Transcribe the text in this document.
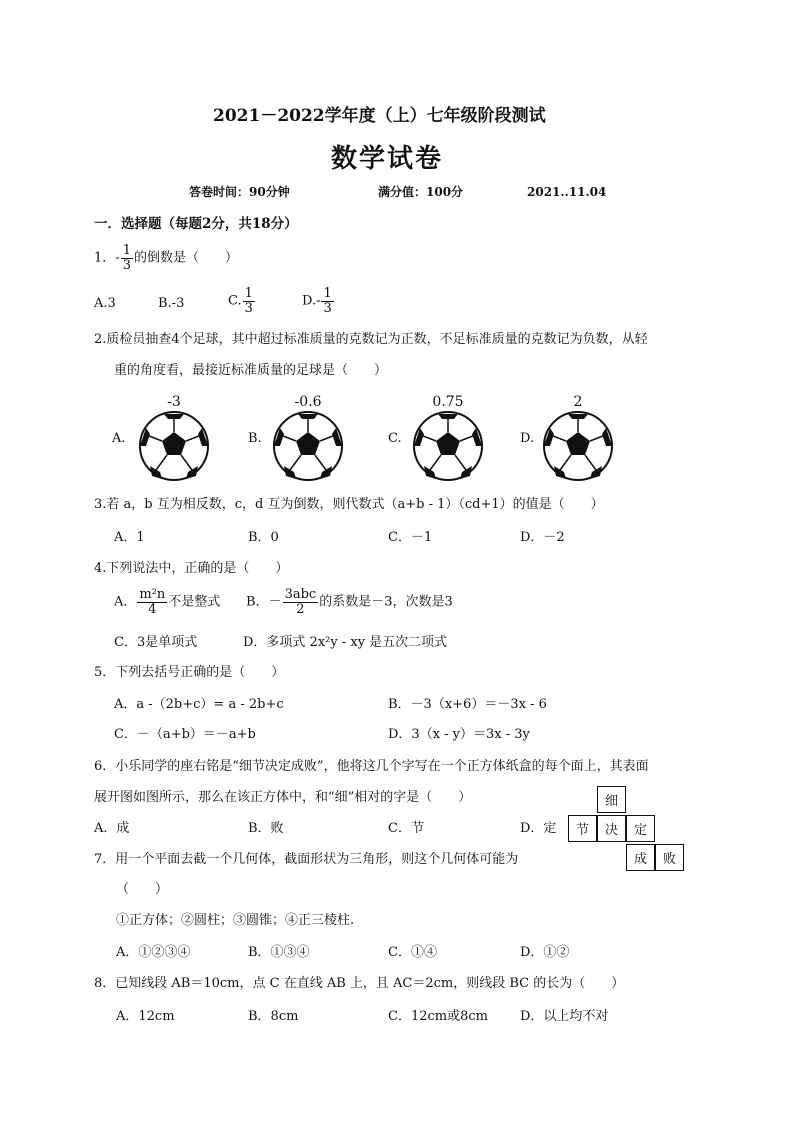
2021－2022学年度（上）七年级阶段测试
数学试卷
答卷时间：90分钟	满分值：100分	2021..11.04
一．选择题（每题2分，共18分）
1．- $\frac{1}{3}$ 的倒数是（　　）
A.3	B.-3	C. $\frac{1}{3}$	$D.- \frac{1}{3}$
2.质检员抽查4个足球，其中超过标准质量的克数记为正数，不足标准质量的克数记为负数，从轻
重的角度看，最接近标准质量的足球是（　　）
A.
-3
B.
-0.6
C.
0.75
D.
2
3.若 a，b 互为相反数，c，d 互为倒数，则代数式（a+b - 1）（cd+1）的值是（　　）
A．1	B．0	C．－1	D．－2
4.下列说法中，正确的是（　　）
A． $\frac{\text{m²n}}{4}$ 不是整式 B．－ $\frac{\text{3abc}}{2}$ 的系数是－3，次数是3
C．3是单项式	D．多项式 2x²y - xy 是五次二项式
5．下列去括号正确的是（　　）
A．a -（2b+c）= a - 2b+c	B．－3（x+6）＝－3x - 6
C．－（a+b）＝－a+b	D．3（x - y）＝3x - 3y
6．小乐同学的座右铭是“细节决定成败”，他将这几个字写在一个正方体纸盒的每个面上，其表面
展开图如图所示，那么在该正方体中，和“细”相对的字是（　　）
A．成	B．败	C．节	D．定
细
节	决	定
成	败
7．用一个平面去截一个几何体，截面形状为三角形，则这个几何体可能为
（　　）
①正方体；②圆柱；③圆锥；④正三棱柱.
A．①②③④	B．①③④	C．①④	D．①②
8．已知线段 AB＝10cm，点 C 在直线 AB 上，且 AC＝2cm，则线段 BC 的长为（　　）
A．12cm	B．8cm	C．12cm或8cm D．以上均不对
